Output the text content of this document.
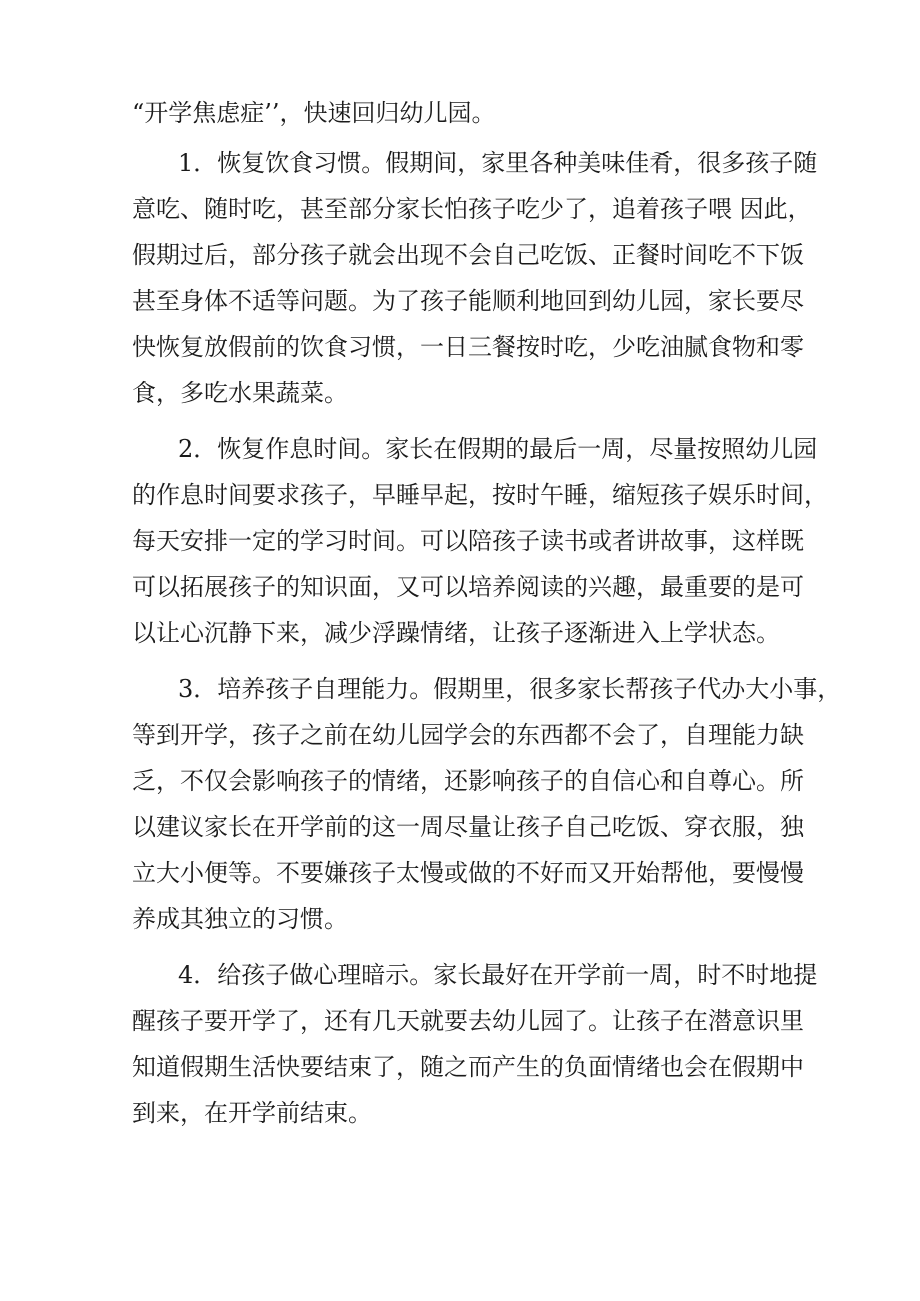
“开学焦虑症’’，快速回归幼儿园。
1．恢复饮食习惯。假期间，家里各种美味佳肴，很多孩子随
意吃、随时吃，甚至部分家长怕孩子吃少了，追着孩子喂 因此，
假期过后，部分孩子就会出现不会自己吃饭、正餐时间吃不下饭
甚至身体不适等问题。为了孩子能顺利地回到幼儿园，家长要尽
快恢复放假前的饮食习惯，一日三餐按时吃，少吃油腻食物和零
食，多吃水果蔬菜。
2．恢复作息时间。家长在假期的最后一周，尽量按照幼儿园
的作息时间要求孩子，早睡早起，按时午睡，缩短孩子娱乐时间，
每天安排一定的学习时间。可以陪孩子读书或者讲故事，这样既
可以拓展孩子的知识面，又可以培养阅读的兴趣，最重要的是可
以让心沉静下来，减少浮躁情绪，让孩子逐渐进入上学状态。
3．培养孩子自理能力。假期里，很多家长帮孩子代办大小事，
等到开学，孩子之前在幼儿园学会的东西都不会了，自理能力缺
乏，不仅会影响孩子的情绪，还影响孩子的自信心和自尊心。所
以建议家长在开学前的这一周尽量让孩子自己吃饭、穿衣服，独
立大小便等。不要嫌孩子太慢或做的不好而又开始帮他，要慢慢
养成其独立的习惯。
4．给孩子做心理暗示。家长最好在开学前一周，时不时地提
醒孩子要开学了，还有几天就要去幼儿园了。让孩子在潜意识里
知道假期生活快要结束了，随之而产生的负面情绪也会在假期中
到来，在开学前结束。
